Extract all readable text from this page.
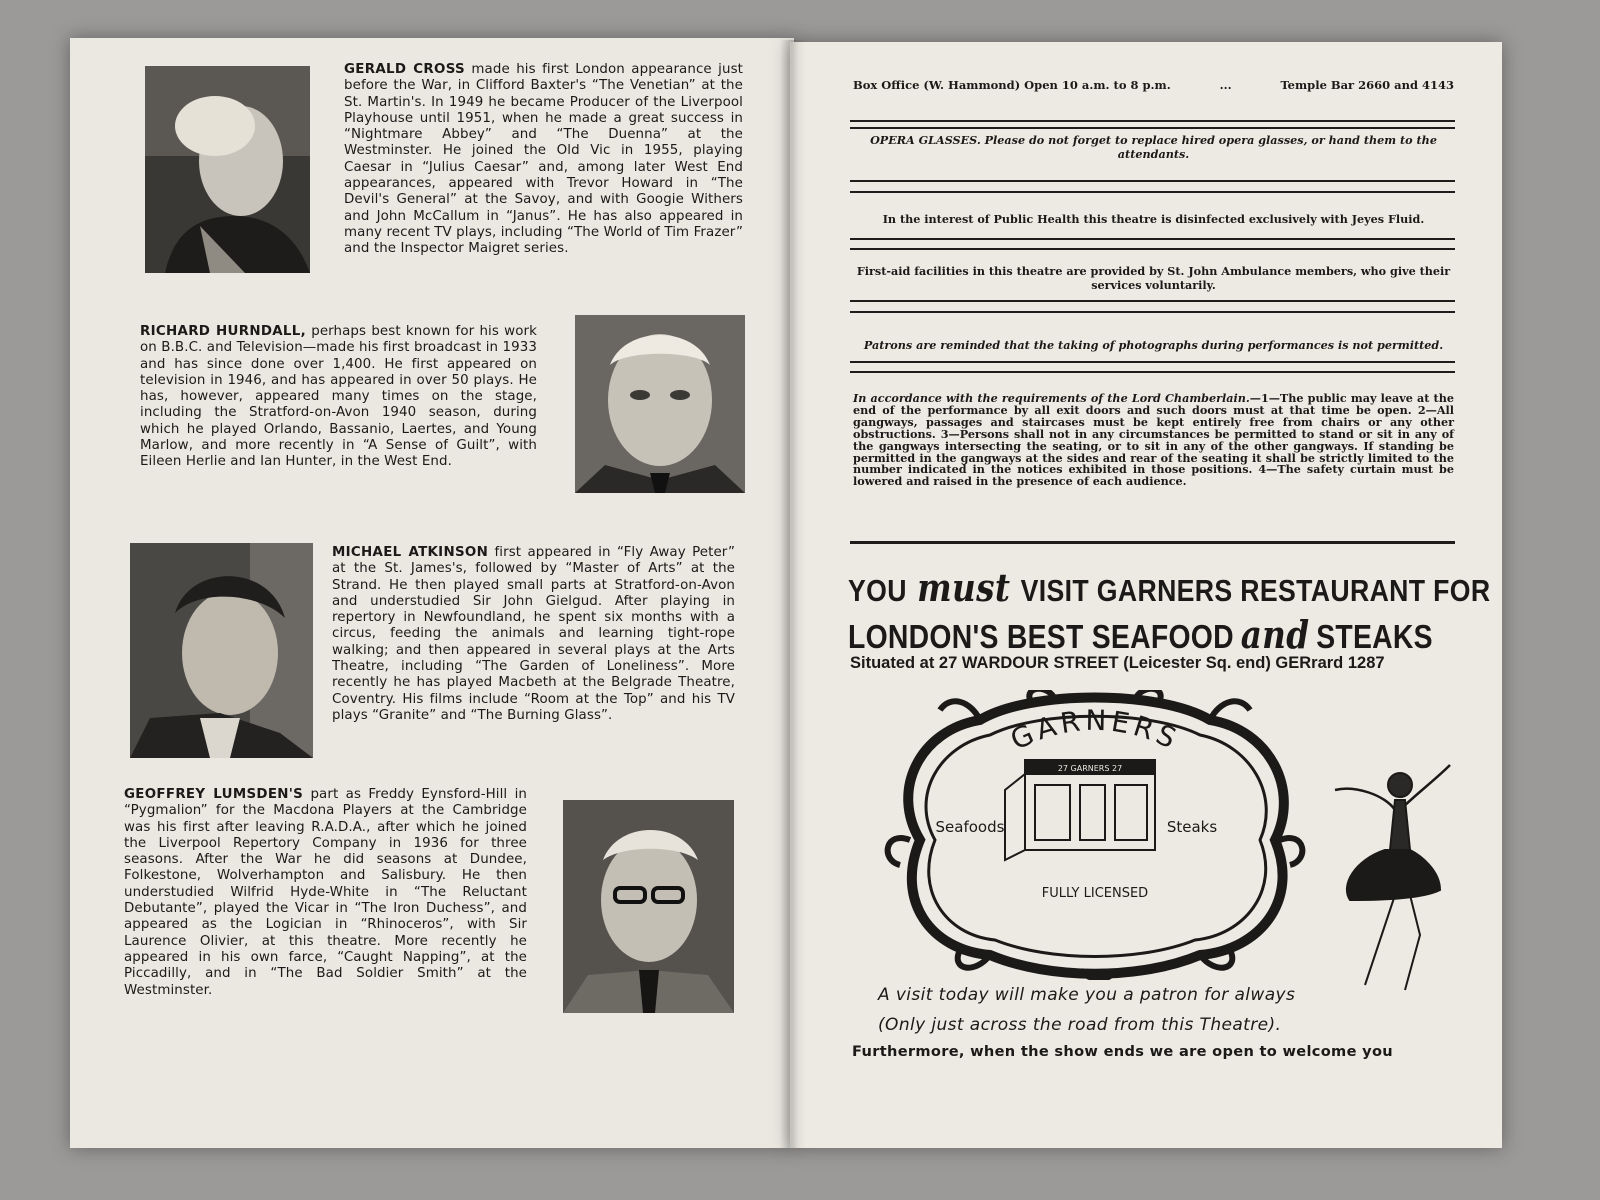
GERALD CROSS made his first London appearance just before the War, in Clifford Baxter's “The Venetian” at the St. Martin's. In 1949 he became Producer of the Liverpool Playhouse until 1951, when he made a great success in “Nightmare Abbey” and “The Duenna” at the Westminster. He joined the Old Vic in 1955, playing Caesar in “Julius Caesar” and, among later West End appearances, appeared with Trevor Howard in “The Devil's General” at the Savoy, and with Googie Withers and John McCallum in “Janus”. He has also appeared in many recent TV plays, including “The World of Tim Frazer” and the Inspector Maigret series.
RICHARD HURNDALL, perhaps best known for his work on B.B.C. and Television—made his first broadcast in 1933 and has since done over 1,400. He first appeared on television in 1946, and has appeared in over 50 plays. He has, however, appeared many times on the stage, including the Stratford-on-Avon 1940 season, during which he played Orlando, Bassanio, Laertes, and Young Marlow, and more recently in “A Sense of Guilt”, with Eileen Herlie and Ian Hunter, in the West End.
MICHAEL ATKINSON first appeared in “Fly Away Peter” at the St. James's, followed by “Master of Arts” at the Strand. He then played small parts at Stratford-on-Avon and understudied Sir John Gielgud. After playing in repertory in Newfoundland, he spent six months with a circus, feeding the animals and learning tight-rope walking; and then appeared in several plays at the Arts Theatre, including “The Garden of Loneliness”. More recently he has played Macbeth at the Belgrade Theatre, Coventry. His films include “Room at the Top” and his TV plays “Granite” and “The Burning Glass”.
GEOFFREY LUMSDEN'S part as Freddy Eynsford-Hill in “Pygmalion” for the Macdona Players at the Cambridge was his first after leaving R.A.D.A., after which he joined the Liverpool Repertory Company in 1936 for three seasons. After the War he did seasons at Dundee, Folkestone, Wolverhampton and Salisbury. He then understudied Wilfrid Hyde-White in “The Reluctant Debutante”, played the Vicar in “The Iron Duchess”, and appeared as the Logician in “Rhinoceros”, with Sir Laurence Olivier, at this theatre. More recently he appeared in his own farce, “Caught Napping”, at the Piccadilly, and in “The Bad Soldier Smith” at the Westminster.
Box Office (W. Hammond) Open 10 a.m. to 8 p.m.	...	Temple Bar 2660 and 4143
OPERA GLASSES. Please do not forget to replace hired opera glasses, or hand them to the attendants.
In the interest of Public Health this theatre is disinfected exclusively with Jeyes Fluid.
First-aid facilities in this theatre are provided by St. John Ambulance members, who give their services voluntarily.
Patrons are reminded that the taking of photographs during performances is not permitted.
In accordance with the requirements of the Lord Chamberlain.—1—The public may leave at the end of the performance by all exit doors and such doors must at that time be open. 2—All gangways, passages and staircases must be kept entirely free from chairs or any other obstructions. 3—Persons shall not in any circumstances be permitted to stand or sit in any of the gangways intersecting the seating, or to sit in any of the other gangways. If standing be permitted in the gangways at the sides and rear of the seating it shall be strictly limited to the number indicated in the notices exhibited in those positions. 4—The safety curtain must be lowered and raised in the presence of each audience.
YOU must VISIT GARNERS RESTAURANT FOR
LONDON'S BEST SEAFOOD and STEAKS
Situated at 27 WARDOUR STREET (Leicester Sq. end) GERrard 1287
GARNERS
27 GARNERS 27
Seafoods	Steaks
FULLY LICENSED
A visit today will make you a patron for always
(Only just across the road from this Theatre).
Furthermore, when the show ends we are open to welcome you
